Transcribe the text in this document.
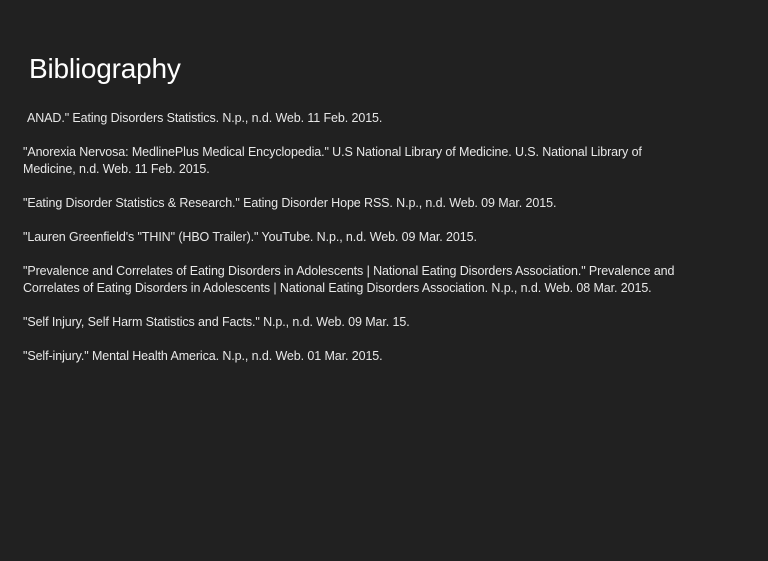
Bibliography
ANAD." Eating Disorders Statistics. N.p., n.d. Web. 11 Feb. 2015.
"Anorexia Nervosa: MedlinePlus Medical Encyclopedia." U.S National Library of Medicine. U.S. National Library of Medicine, n.d. Web. 11 Feb. 2015.
"Eating Disorder Statistics & Research." Eating Disorder Hope RSS. N.p., n.d. Web. 09 Mar. 2015.
"Lauren Greenfield's "THIN" (HBO Trailer)." YouTube. N.p., n.d. Web. 09 Mar. 2015.
"Prevalence and Correlates of Eating Disorders in Adolescents | National Eating Disorders Association." Prevalence and Correlates of Eating Disorders in Adolescents | National Eating Disorders Association. N.p., n.d. Web. 08 Mar. 2015.
"Self Injury, Self Harm Statistics and Facts." N.p., n.d. Web. 09 Mar. 15.
"Self-injury." Mental Health America. N.p., n.d. Web. 01 Mar. 2015.
